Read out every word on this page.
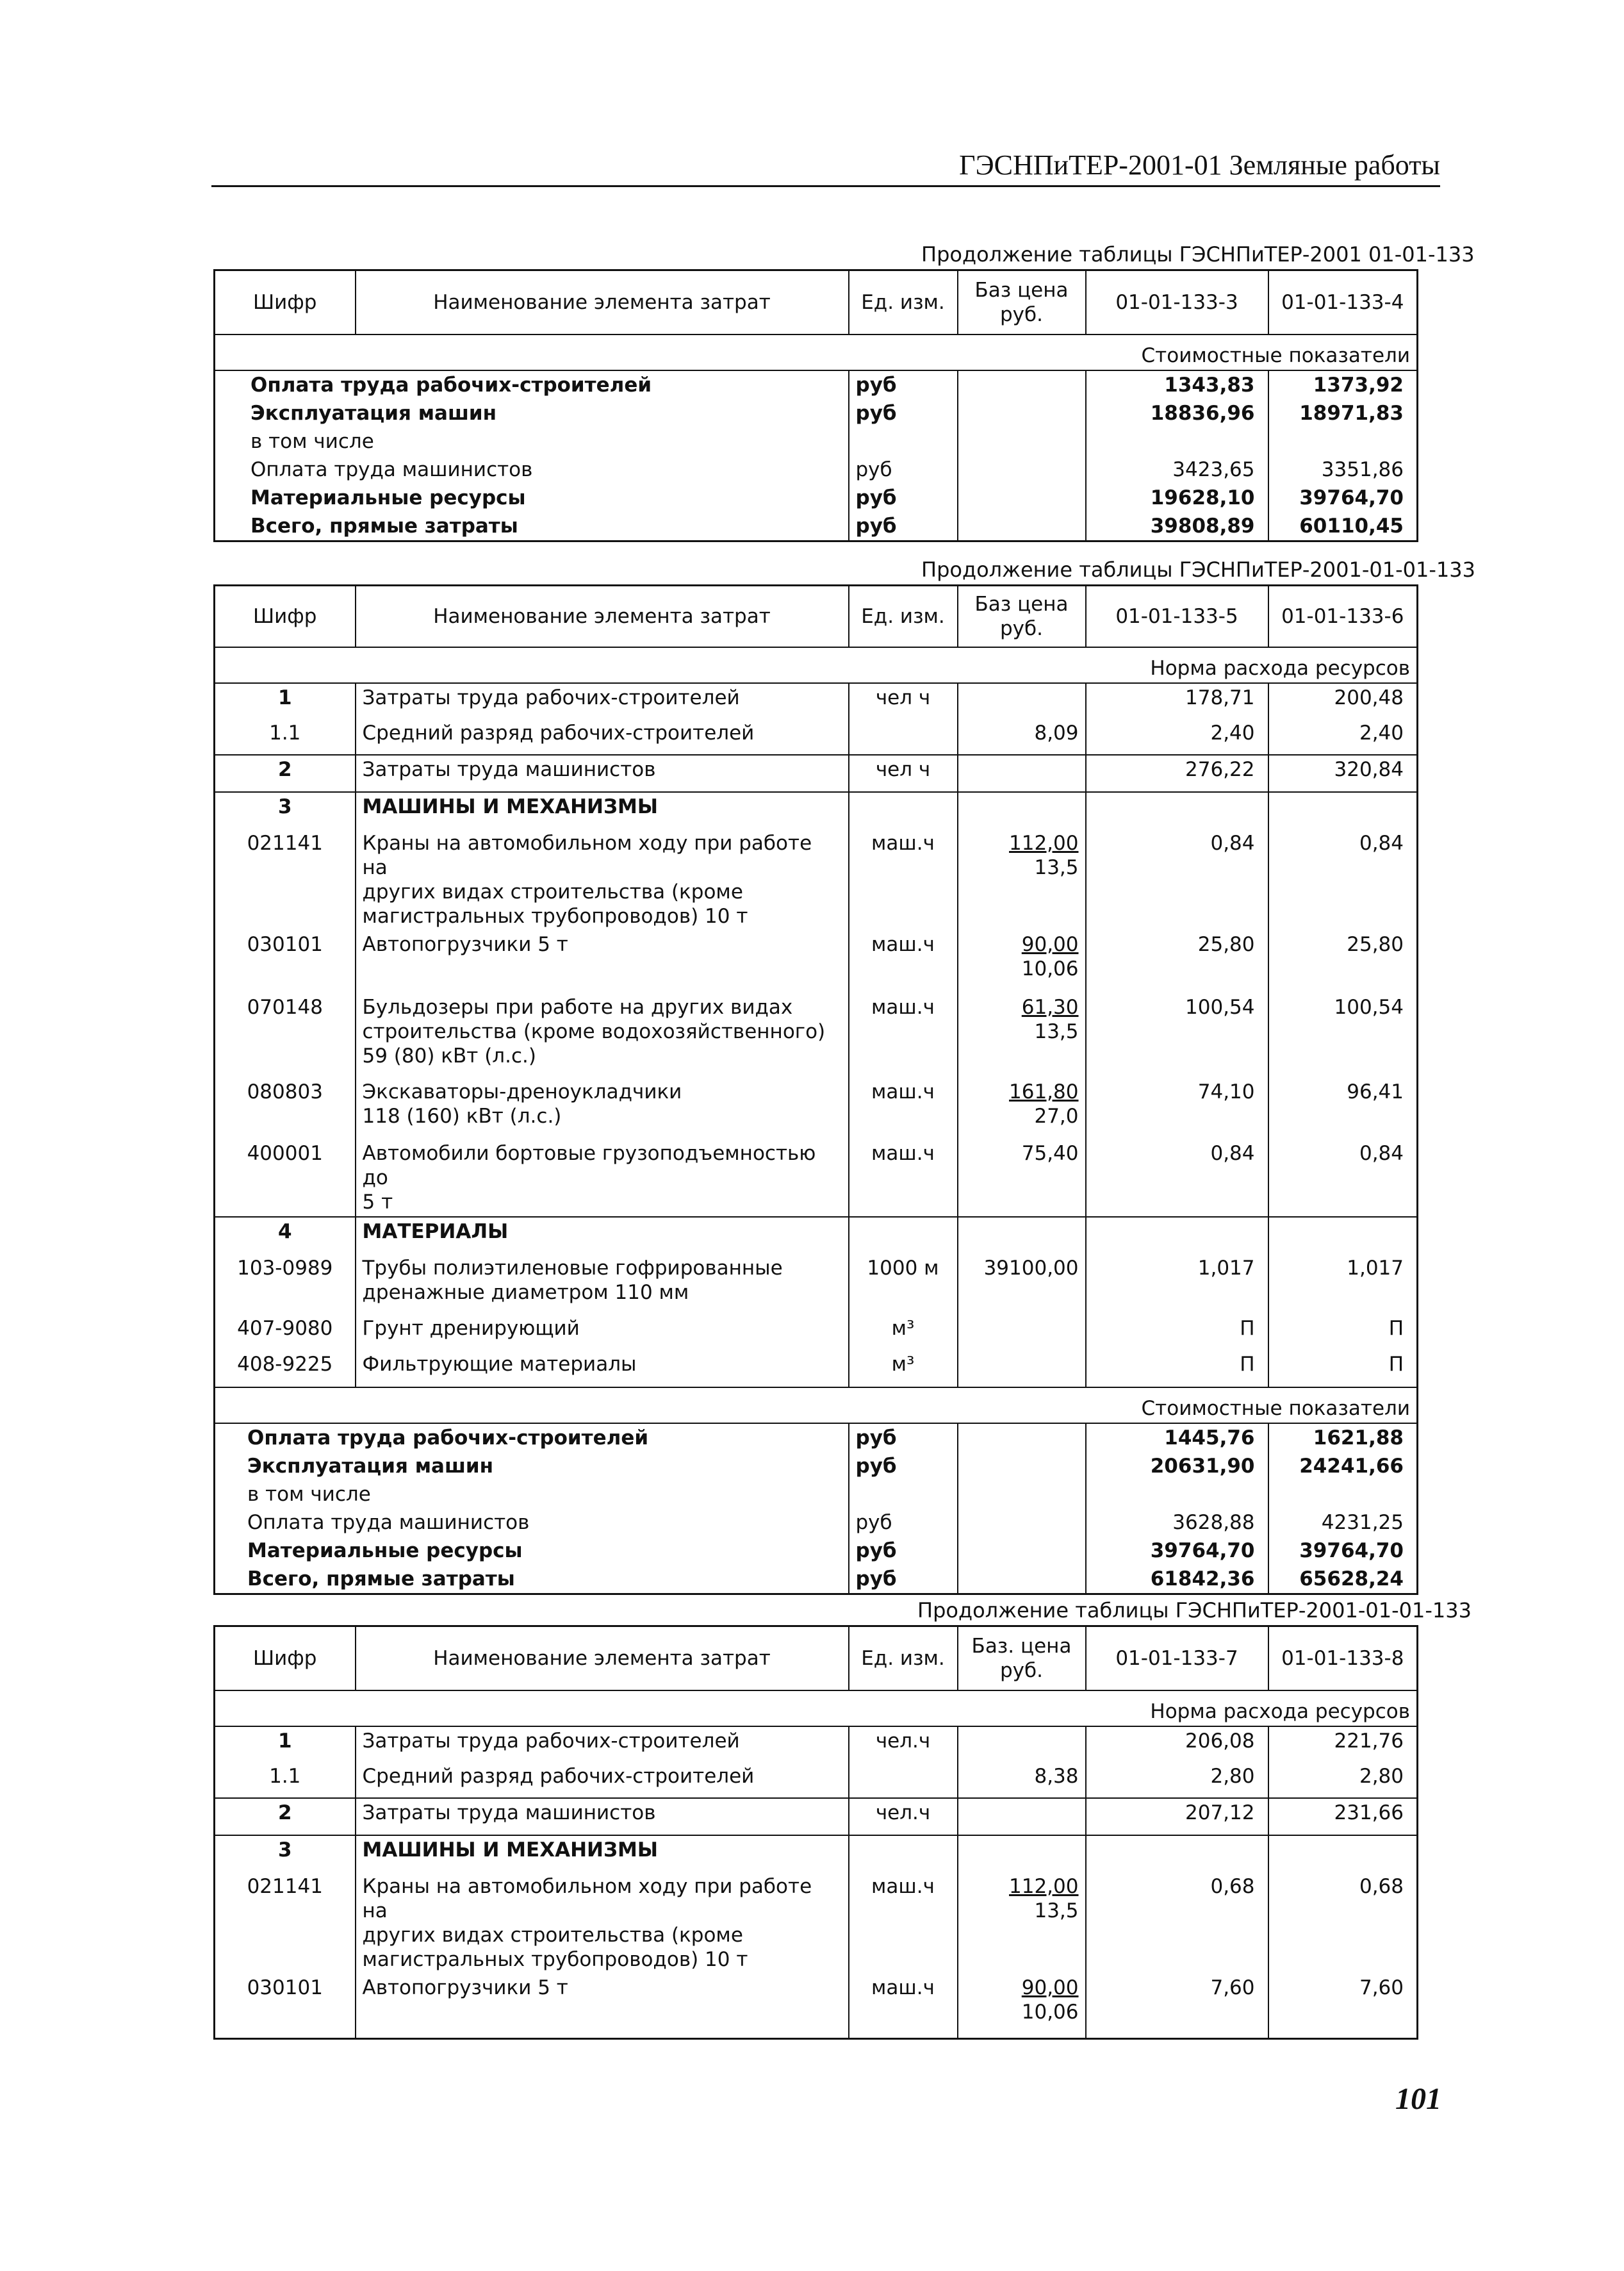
ГЭСНПиТЕР-2001-01 Земляные работы
Продолжение таблицы ГЭСНПиТЕР-2001 01-01-133
Шифр	Наименование элемента затрат	Ед. изм.	Баз цена
руб.	01-01-133-3	01-01-133-4
Стоимостные показатели					
Оплата труда рабочих-строителей		руб		1343,83	1373,92
Эксплуатация машин		руб		18836,96	18971,83
в том числе					
Оплата труда машинистов		руб		3423,65	3351,86
Материальные ресурсы		руб		19628,10	39764,70
Всего, прямые затраты		руб		39808,89	60110,45
Продолжение таблицы ГЭСНПиТЕР-2001-01-01-133
Шифр	Наименование элемента затрат	Ед. изм.	Баз цена
руб.	01-01-133-5	01-01-133-6
Норма расхода ресурсов					
1	Затраты труда рабочих-строителей	чел ч		178,71	200,48
1.1	Средний разряд рабочих-строителей		8,09	2,40	2,40
2	Затраты труда машинистов	чел ч		276,22	320,84
3	МАШИНЫ И МЕХАНИЗМЫ				
021141	Краны на автомобильном ходу при работе на
других видах строительства (кроме
магистральных трубопроводов) 10 т	маш.ч	112,00
13,5	0,84	0,84
030101	Автопогрузчики 5 т	маш.ч	90,00
10,06	25,80	25,80
070148	Бульдозеры при работе на других видах
строительства (кроме водохозяйственного)
59 (80) кВт (л.с.)	маш.ч	61,30
13,5	100,54	100,54
080803	Экскаваторы-дреноукладчики
118 (160) кВт (л.с.)	маш.ч	161,80
27,0	74,10	96,41
400001	Автомобили бортовые грузоподъемностью до
5 т	маш.ч	75,40	0,84	0,84
4	МАТЕРИАЛЫ				
103-0989	Трубы полиэтиленовые гофрированные
дренажные диаметром 110 мм	1000 м	39100,00	1,017	1,017
407-9080	Грунт дренирующий	м³		П	П
408-9225	Фильтрующие материалы	м³		П	П
Стоимостные показатели					
Оплата труда рабочих-строителей		руб		1445,76	1621,88
Эксплуатация машин		руб		20631,90	24241,66
в том числе					
Оплата труда машинистов		руб		3628,88	4231,25
Материальные ресурсы		руб		39764,70	39764,70
Всего, прямые затраты		руб		61842,36	65628,24
Продолжение таблицы ГЭСНПиТЕР-2001-01-01-133
Шифр	Наименование элемента затрат	Ед. изм.	Баз. цена
руб.	01-01-133-7	01-01-133-8
Норма расхода ресурсов					
1	Затраты труда рабочих-строителей	чел.ч		206,08	221,76
1.1	Средний разряд рабочих-строителей		8,38	2,80	2,80
2	Затраты труда машинистов	чел.ч		207,12	231,66
3	МАШИНЫ И МЕХАНИЗМЫ				
021141	Краны на автомобильном ходу при работе на
других видах строительства (кроме
магистральных трубопроводов) 10 т	маш.ч	112,00
13,5	0,68	0,68
030101	Автопогрузчики 5 т	маш.ч	90,00
10,06	7,60	7,60
101
